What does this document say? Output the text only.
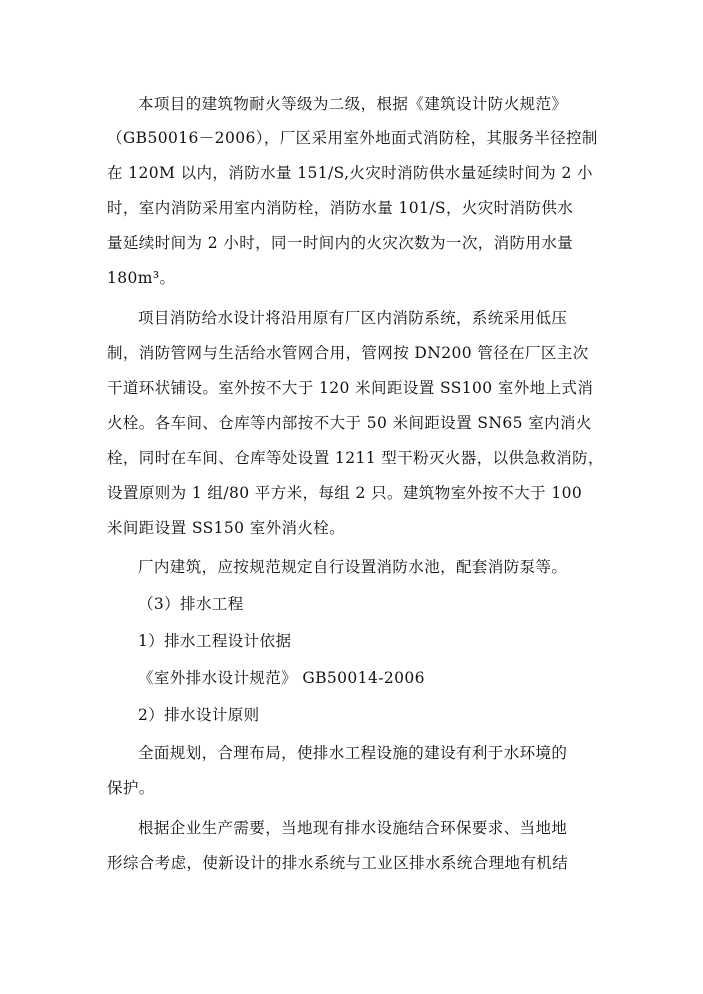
本项目的建筑物耐火等级为二级，根据《建筑设计防火规范》
（GB50016－2006），厂区采用室外地面式消防栓，其服务半径控制
在 120M 以内，消防水量 151/S,火灾时消防供水量延续时间为 2 小
时，室内消防采用室内消防栓，消防水量 101/S，火灾时消防供水
量延续时间为 2 小时，同一时间内的火灾次数为一次，消防用水量
180m³。
项目消防给水设计将沿用原有厂区内消防系统，系统采用低压
制，消防管网与生活给水管网合用，管网按 DN200 管径在厂区主次
干道环状铺设。室外按不大于 120 米间距设置 SS100 室外地上式消
火栓。各车间、仓库等内部按不大于 50 米间距设置 SN65 室内消火
栓，同时在车间、仓库等处设置 1211 型干粉灭火器，以供急救消防，
设置原则为 1 组/80 平方米，每组 2 只。建筑物室外按不大于 100
米间距设置 SS150 室外消火栓。
厂内建筑，应按规范规定自行设置消防水池，配套消防泵等。
（3）排水工程
1）排水工程设计依据
《室外排水设计规范》 GB50014-2006
2）排水设计原则
全面规划，合理布局，使排水工程设施的建设有利于水环境的
保护。
根据企业生产需要，当地现有排水设施结合环保要求、当地地
形综合考虑，使新设计的排水系统与工业区排水系统合理地有机结
